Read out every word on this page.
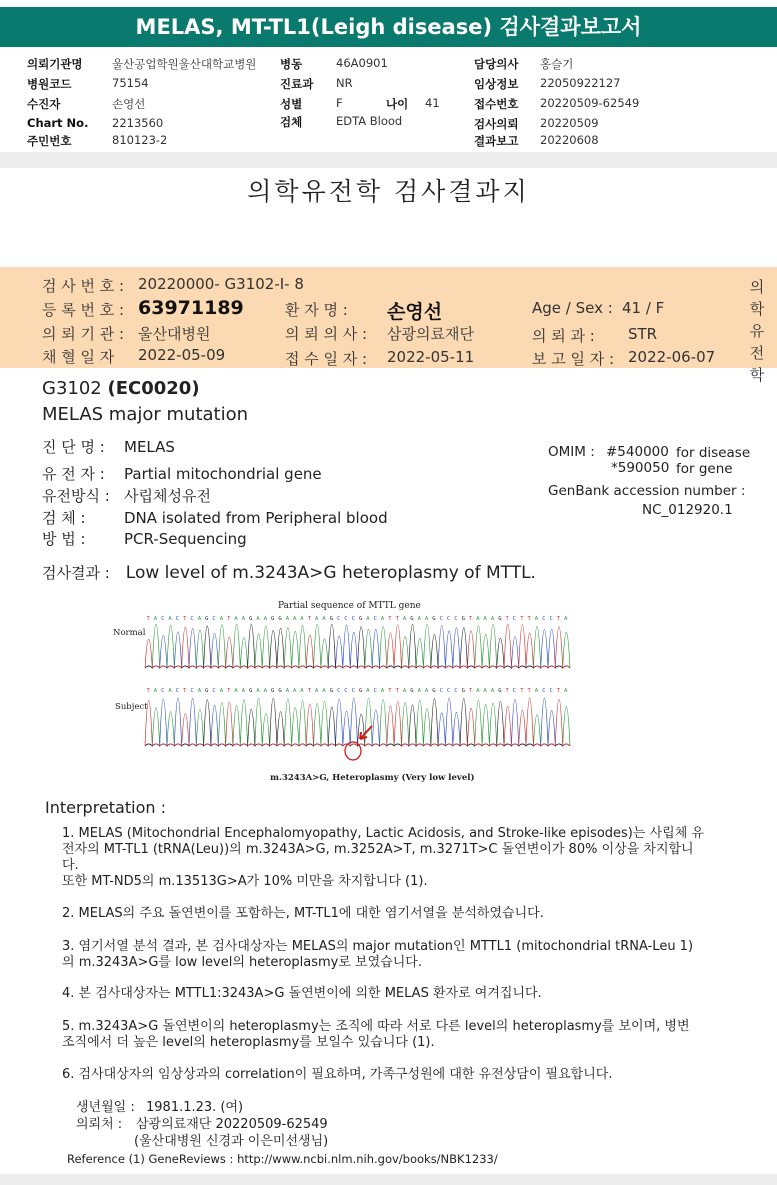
MELAS, MT-TL1(Leigh disease) 검사결과보고서
의뢰기관명	울산공업학원울산대학교병원
병원코드	75154
수진자	손영선
Chart No. 2213560
주민번호	810123-2
병동	46A0901
진료과 NR
성별	F	나이 41
검체	EDTA Blood
담당의사 홍슬기
임상정보 22050922127
접수번호 20220509-62549
검사의뢰 20220509
결과보고 20220608
의학유전학 검사결과지
검 사 번 호 : 20220000- G3102-I- 8
등 록 번 호 : 63971189	환 자 명 : 손영선	Age / Sex : 41 / F
의 뢰 기 관 : 울산대병원	의 뢰 의 사 : 삼광의료재단	의 뢰 과 : STR
채 혈 일 자 2022-05-09	접 수 일 자 : 2022-05-11	보 고 일 자 : 2022-06-07
의
학
유
전
학
G3102 (EC0020)
MELAS major mutation
진 단 명 : MELAS
유 전 자 : Partial mitochondrial gene
유전방식 : 사립체성유전
검 체 :	DNA isolated from Peripheral blood
방 법 :	PCR-Sequencing
OMIM : #540000 for disease
*590050 for gene
GenBank accession number :
NC_012920.1
검사결과 : Low level of m.3243A>G heteroplasmy of MTTL.
Partial sequence of MTTL gene
Normal
Subject
m.3243A>G, Heteroplasmy (Very low level)
T A C A C T C A G C A T A A G A A G G A A A T A A G C C C G A C A T T A G A A G C C C G T A A A G T C T T A C C T A
T A C A C T C A G C A T A A G A A G G A A A T A A G C C C G A C A T T A G A A G C C C G T A A A G T C T T A C C T A
Interpretation :
1. MELAS (Mitochondrial Encephalomyopathy, Lactic Acidosis, and Stroke-like episodes)는 사립체 유
전자의 MT-TL1 (tRNA(Leu))의 m.3243A>G, m.3252A>T, m.3271T>C 돌연변이가 80% 이상을 차지합니
다.
또한 MT-ND5의 m.13513G>A가 10% 미만을 차지합니다 (1).
2. MELAS의 주요 돌연변이를 포함하는, MT-TL1에 대한 염기서열을 분석하였습니다.
3. 염기서열 분석 결과, 본 검사대상자는 MELAS의 major mutation인 MTTL1 (mitochondrial tRNA-Leu 1)
의 m.3243A>G를 low level의 heteroplasmy로 보였습니다.
4. 본 검사대상자는 MTTL1:3243A>G 돌연변이에 의한 MELAS 환자로 여겨집니다.
5. m.3243A>G 돌연변이의 heteroplasmy는 조직에 따라 서로 다른 level의 heteroplasmy를 보이며, 병변
조직에서 더 높은 level의 heteroplasmy를 보일수 있습니다 (1).
6. 검사대상자의 임상상과의 correlation이 필요하며, 가족구성원에 대한 유전상담이 필요합니다.
생년월일 : 1981.1.23. (여)
의뢰처 : 삼광의료재단 20220509-62549
(울산대병원 신경과 이은미선생님)
Reference (1) GeneReviews : http://www.ncbi.nlm.nih.gov/books/NBK1233/
